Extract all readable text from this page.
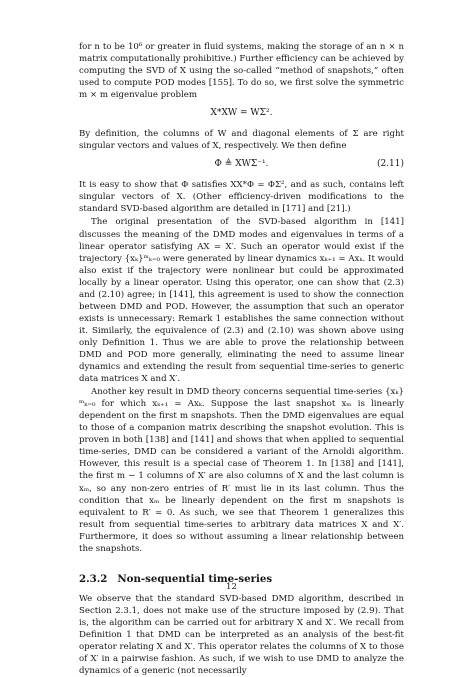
for n to be 10⁶ or greater in fluid systems, making the storage of an n × n matrix computationally prohibitive.) Further efficiency can be achieved by computing the SVD of X using the so-called “method of snapshots,” often used to compute POD modes [155]. To do so, we first solve the symmetric m × m eigenvalue problem

X*XW = WΣ².

By definition, the columns of W and diagonal elements of Σ are right singular vectors and values of X, respectively. We then define

Φ ≜ XWΣ⁻¹.	(2.11)

It is easy to show that Φ satisfies XX*Φ = ΦΣ², and as such, contains left singular vectors of X. (Other efficiency-driven modifications to the standard SVD-based algorithm are detailed in [171] and [21].)

The original presentation of the SVD-based algorithm in [141] discusses the meaning of the DMD modes and eigenvalues in terms of a linear operator satisfying AX = X′. Such an operator would exist if the trajectory {xₖ}ᵐₖ₌₀ were generated by linear dynamics xₖ₊₁ = Axₖ. It would also exist if the trajectory were nonlinear but could be approximated locally by a linear operator. Using this operator, one can show that (2.3) and (2.10) agree; in [141], this agreement is used to show the connection between DMD and POD. However, the assumption that such an operator exists is unnecessary: Remark 1 establishes the same connection without it. Similarly, the equivalence of (2.3) and (2.10) was shown above using only Definition 1. Thus we are able to prove the relationship between DMD and POD more generally, eliminating the need to assume linear dynamics and extending the result from sequential time-series to generic data matrices X and X′.

Another key result in DMD theory concerns sequential time-series {xₖ}ᵐₖ₌₀ for which xₖ₊₁ = Axₖ. Suppose the last snapshot xₘ is linearly dependent on the first m snapshots. Then the DMD eigenvalues are equal to those of a companion matrix describing the snapshot evolution. This is proven in both [138] and [141] and shows that when applied to sequential time-series, DMD can be considered a variant of the Arnoldi algorithm. However, this result is a special case of Theorem 1. In [138] and [141], the first m − 1 columns of X′ are also columns of X and the last column is xₘ, so any non-zero entries of R′ must lie in its last column. Thus the condition that xₘ be linearly dependent on the first m snapshots is equivalent to R′ = 0. As such, we see that Theorem 1 generalizes this result from sequential time-series to arbitrary data matrices X and X′. Furthermore, it does so without assuming a linear relationship between the snapshots.

2.3.2 Non-sequential time-series

We observe that the standard SVD-based DMD algorithm, described in Section 2.3.1, does not make use of the structure imposed by (2.9). That is, the algorithm can be carried out for arbitrary X and X′. We recall from Definition 1 that DMD can be interpreted as an analysis of the best-fit operator relating X and X′. This operator relates the columns of X to those of X′ in a pairwise fashion. As such, if we wish to use DMD to analyze the dynamics of a generic (not necessarily

12
